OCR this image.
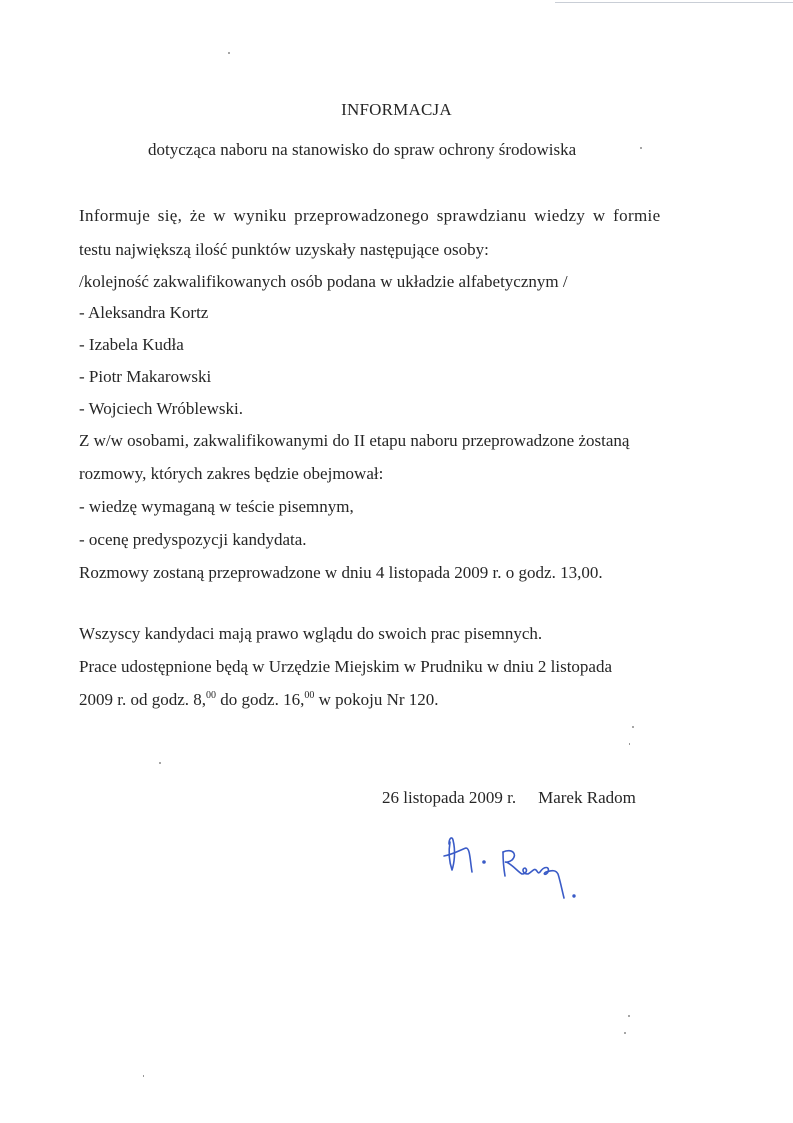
INFORMACJA
dotycząca naboru na stanowisko do spraw ochrony środowiska
Informuje się, że w wyniku przeprowadzonego sprawdzianu wiedzy w formie
testu największą ilość punktów uzyskały następujące osoby:
/kolejność zakwalifikowanych osób podana w układzie alfabetycznym /
- Aleksandra Kortz
- Izabela Kudła
- Piotr Makarowski
- Wojciech Wróblewski.
Z w/w osobami, zakwalifikowanymi do II etapu naboru przeprowadzone żostaną
rozmowy, których zakres będzie obejmował:
- wiedzę wymaganą w teście pisemnym,
- ocenę predyspozycji kandydata.
Rozmowy zostaną przeprowadzone w dniu 4 listopada 2009 r. o godz. 13,00.
Wszyscy kandydaci mają prawo wglądu do swoich prac pisemnych.
Prace udostępnione będą w Urzędzie Miejskim w Prudniku w dniu 2 listopada
2009 r. od godz. 8,00 do godz. 16,00 w pokoju Nr 120.
26 listopada 2009 r. Marek Radom
